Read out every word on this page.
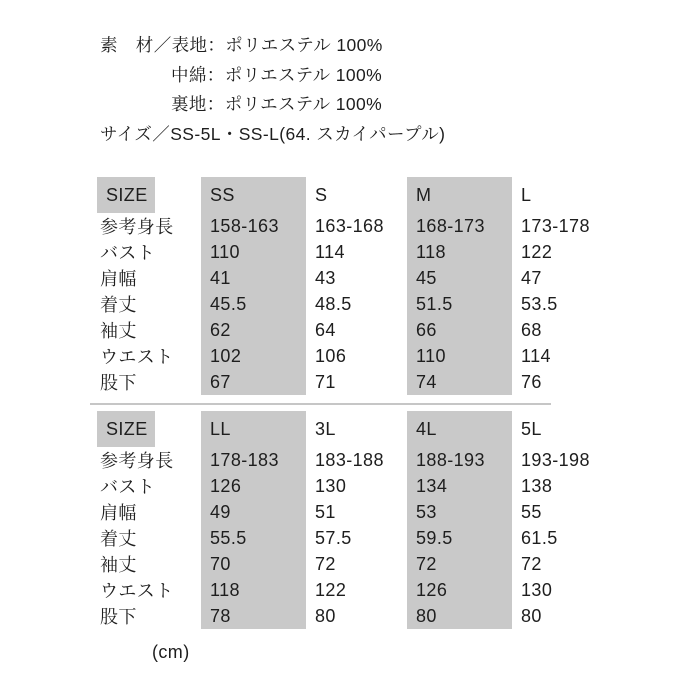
素　材／表地：ポリエステル 100%
中綿：ポリエステル 100%
裏地：ポリエステル 100%
サイズ／SS-5L・SS-L(64. スカイパープル)
SIZE	SS	S	M	L
参考身長	158-163	163-168	168-173	173-178
バスト	110	114	118	122
肩幅	41	43	45	47
着丈	45.5	48.5	51.5	53.5
袖丈	62	64	66	68
ウエスト	102	106	110	114
股下	67	71	74	76
SIZE	LL	3L	4L	5L
参考身長	178-183	183-188	188-193	193-198
バスト	126	130	134	138
肩幅	49	51	53	55
着丈	55.5	57.5	59.5	61.5
袖丈	70	72	72	72
ウエスト	118	122	126	130
股下	78	80	80	80
(cm)
